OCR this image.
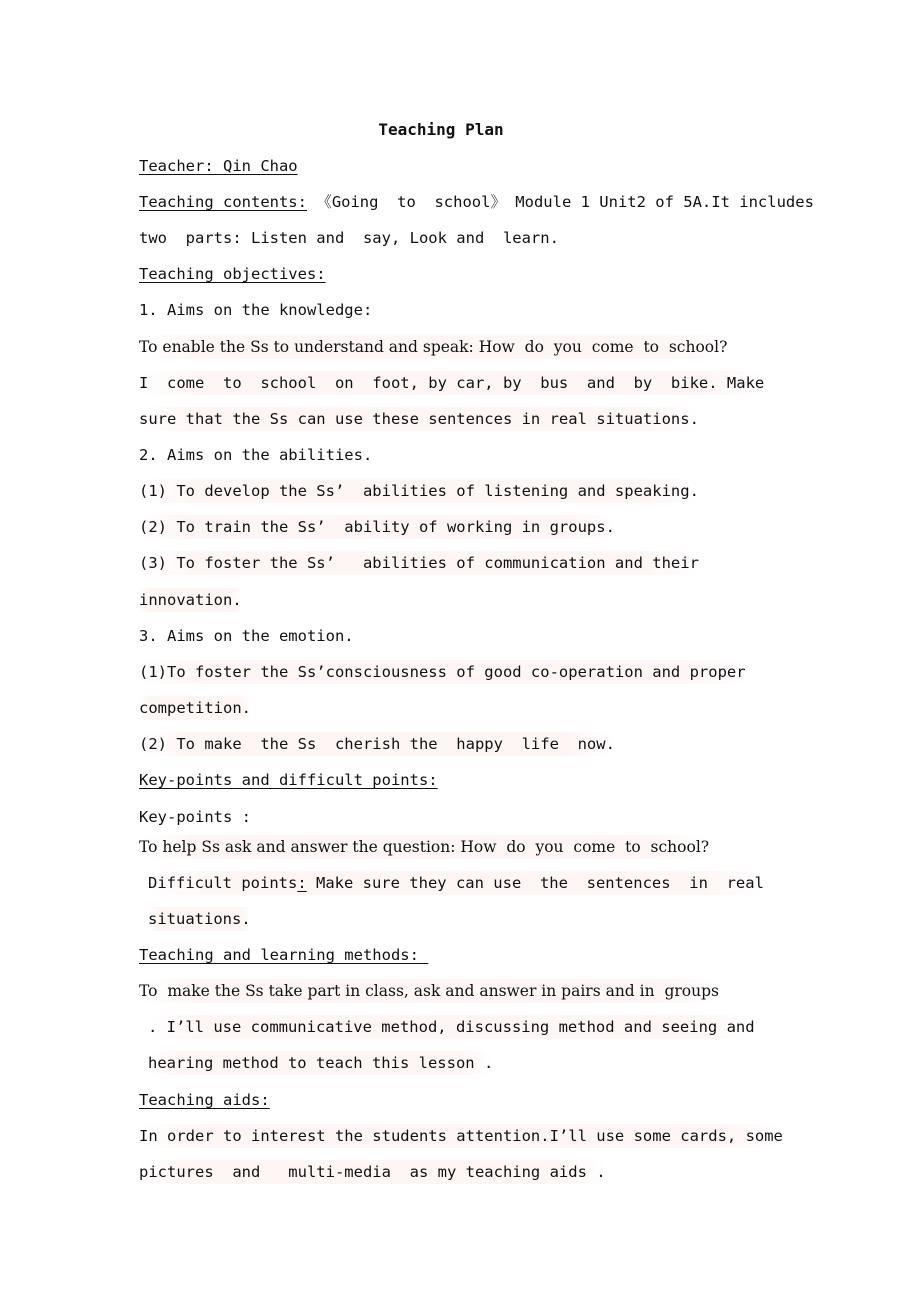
Teaching Plan
Teacher: Qin Chao
Teaching contents: 《Going  to  school》 Module 1 Unit2 of 5A.It includes
two  parts: Listen and  say, Look and  learn.
Teaching objectives:
1. Aims on the knowledge:
To enable the Ss to understand and speak: How  do  you  come  to  school?
I  come  to  school  on  foot, by car, by  bus  and  by  bike. Make
sure that the Ss can use these sentences in real situations.
2. Aims on the abilities.
(1) To develop the Ss’  abilities of listening and speaking.
(2) To train the Ss’  ability of working in groups.
(3) To foster the Ss’   abilities of communication and their
innovation.
3. Aims on the emotion.
(1)To foster the Ss’consciousness of good co-operation and proper
competition.
(2) To make  the Ss  cherish the  happy  life  now.
Key-points and difficult points:
Key-points :
To help Ss ask and answer the question: How  do  you  come  to  school?
Difficult points: Make sure they can use  the  sentences  in  real
situations.
Teaching and learning methods:
To  make the Ss take part in class, ask and answer in pairs and in  groups
. I’ll use communicative method, discussing method and seeing and
hearing method to teach this lesson .
Teaching aids:
In order to interest the students attention.I’ll use some cards, some
pictures  and   multi-media  as my teaching aids .
